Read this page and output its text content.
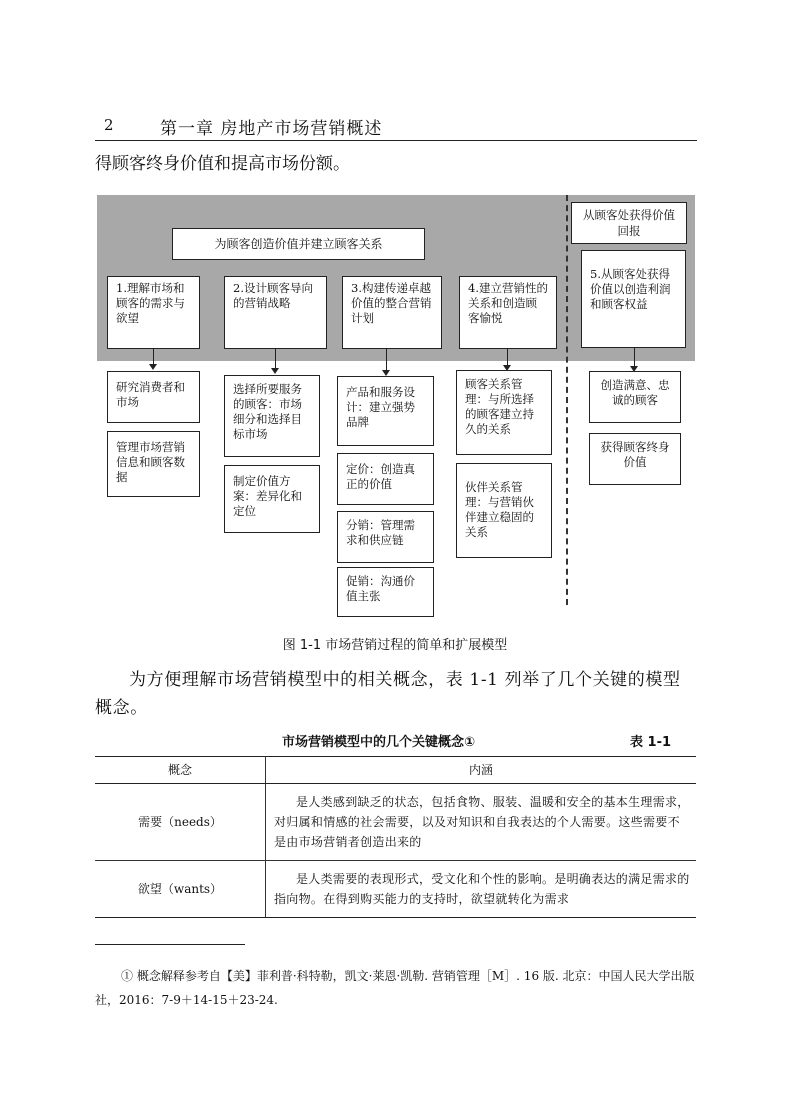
2	第一章 房地产市场营销概述
得顾客终身价值和提高市场份额。
为顾客创造价值并建立顾客关系
从顾客处获得价值回报
1.理解市场和顾客的需求与欲望
2.设计顾客导向的营销战略
3.构建传递卓越价值的整合营销计划
4.建立营销性的关系和创造顾客愉悦
5.从顾客处获得价值以创造利润和顾客权益
研究消费者和市场
管理市场营销信息和顾客数据
选择所要服务的顾客：市场细分和选择目标市场
制定价值方案：差异化和定位
产品和服务设计：建立强势品牌
定价：创造真正的价值
分销：管理需求和供应链
促销：沟通价值主张
顾客关系管理：与所选择的顾客建立持久的关系
伙伴关系管理：与营销伙伴建立稳固的关系
创造满意、忠诚的顾客
获得顾客终身价值
图 1-1 市场营销过程的简单和扩展模型
为方便理解市场营销模型中的相关概念，表 1-1 列举了几个关键的模型概念。
市场营销模型中的几个关键概念①	表 1-1
概念	内涵
需要（needs）	是人类感到缺乏的状态，包括食物、服装、温暖和安全的基本生理需求，对归属和情感的社会需要，以及对知识和自我表达的个人需要。这些需要不是由市场营销者创造出来的
欲望（wants）	是人类需要的表现形式，受文化和个性的影响。是明确表达的满足需求的指向物。在得到购买能力的支持时，欲望就转化为需求
① 概念解释参考自【美】菲利普·科特勒，凯文·莱恩·凯勒. 营销管理［M］. 16 版. 北京：中国人民大学出版社，2016：7-9＋14-15＋23-24.
